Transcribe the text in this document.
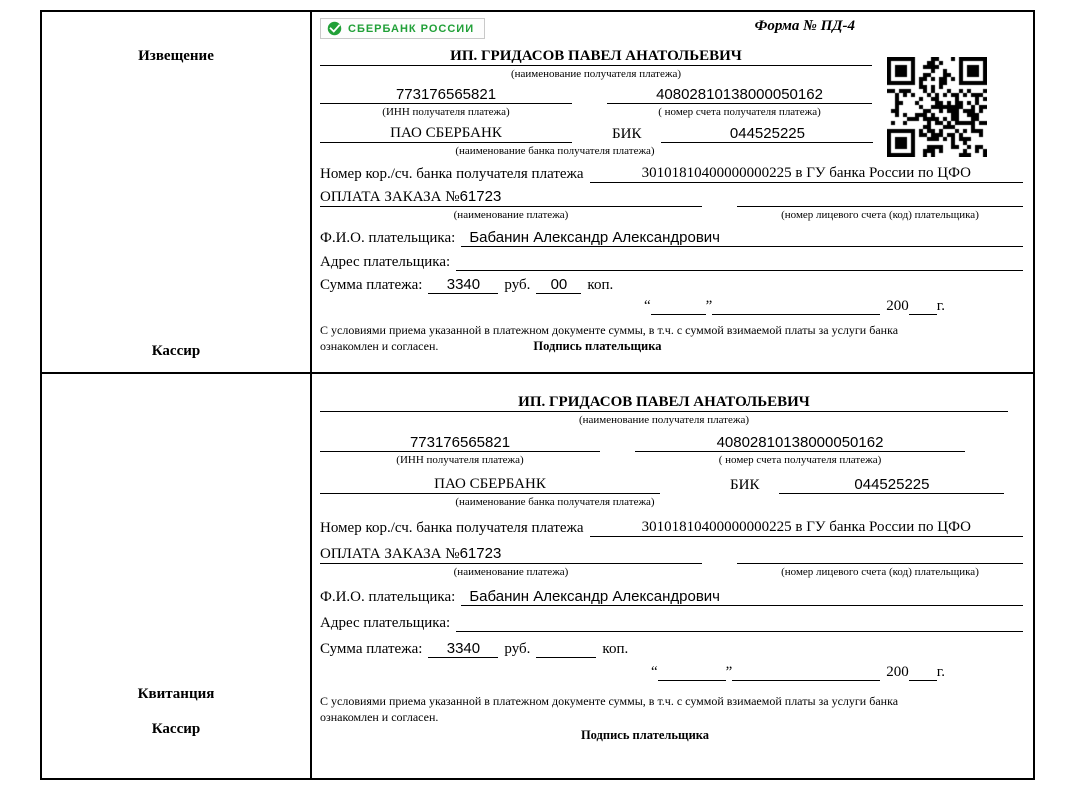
Извещение
Кассир
СБЕРБАНК РОССИИ	Форма № ПД-4
ИП. ГРИДАСОВ ПАВЕЛ АНАТОЛЬЕВИЧ
(наименование получателя платежа)
773176565821	40802810138000050162
(ИНН получателя платежа)	( номер счета получателя платежа)
ПАО СБЕРБАНК	БИК	044525225
(наименование банка получателя платежа)
Номер кор./сч. банка получателя платежа	30101810400000000225 в ГУ банка России по ЦФО
ОПЛАТА ЗАКАЗА №61723
(наименование платежа)	(номер лицевого счета (код) плательщика)
Ф.И.О. плательщика: Бабанин Александр Александрович
Адрес плательщика:
Сумма платежа:	3340	руб.	00	коп.
“	”	200 г.
С условиями приема указанной в платежном документе суммы, в т.ч. с суммой взимаемой платы за услуги банка
ознакомлен и согласен.	Подпись плательщика
Квитанция
Кассир
ИП. ГРИДАСОВ ПАВЕЛ АНАТОЛЬЕВИЧ
(наименование получателя платежа)
773176565821	40802810138000050162
(ИНН получателя платежа)	( номер счета получателя платежа)
ПАО СБЕРБАНК	БИК	044525225
(наименование банка получателя платежа)
Номер кор./сч. банка получателя платежа	30101810400000000225 в ГУ банка России по ЦФО
ОПЛАТА ЗАКАЗА №61723
(наименование платежа)	(номер лицевого счета (код) плательщика)
Ф.И.О. плательщика: Бабанин Александр Александрович
Адрес плательщика:
Сумма платежа:	3340	руб.	коп.
“	”	200 г.
С условиями приема указанной в платежном документе суммы, в т.ч. с суммой взимаемой платы за услуги банка
ознакомлен и согласен.
Подпись плательщика
